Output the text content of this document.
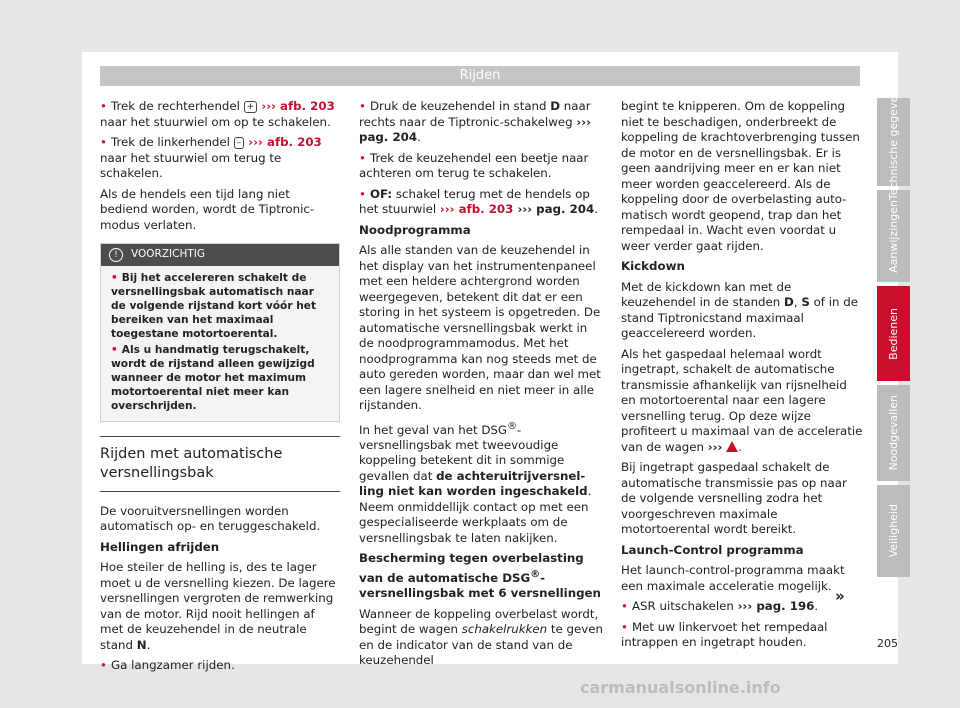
Rijden

• Trek de rechterhendel + ››› afb. 203 naar het stuurwiel om op te schakelen.

• Trek de linkerhendel – ››› afb. 203 naar het stuurwiel om terug te schakelen.

Als de hendels een tijd lang niet bediend worden, wordt de Tiptronic-modus verlaten.

!	VOORZICHTIG

• Bij het accelereren schakelt de versnellingsbak automatisch naar de volgende rijstand kort vóór het bereiken van het maximaal toegestane motortoerental.

• Als u handmatig terugschakelt, wordt de rijstand alleen gewijzigd wanneer de motor het maximum motortoerental niet meer kan overschrijden.

Rijden met automatische versnellingsbak

De vooruitversnellingen worden automatisch op- en teruggeschakeld.

Hellingen afrijden

Hoe steiler de helling is, des te lager moet u de versnelling kiezen. De lagere versnellingen vergroten de remwerking van de motor. Rijd nooit hellingen af met de keuzehendel in de neutrale stand N.

• Ga langzamer rijden.

• Druk de keuzehendel in stand D naar rechts naar de Tiptronic-schakelweg ››› pag. 204.

• Trek de keuzehendel een beetje naar achteren om terug te schakelen.

• OF: schakel terug met de hendels op het stuurwiel ››› afb. 203 ››› pag. 204.

Noodprogramma

Als alle standen van de keuzehendel in het display van het instrumentenpaneel met een heldere achtergrond worden weergegeven, betekent dit dat er een storing in het systeem is opgetreden. De automatische versnellingsbak werkt in de noodprogrammamodus. Met het noodprogramma kan nog steeds met de auto gereden worden, maar dan wel met een lagere snelheid en niet meer in alle rijstanden.

In het geval van het DSG®-versnellingsbak met tweevoudige koppeling betekent dit in sommige gevallen dat de achteruitrijversnelling niet kan worden ingeschakeld. Neem onmiddellijk contact op met een gespecialiseerde werkplaats om de versnellingsbak te laten nakijken.

Bescherming tegen overbelasting van de automatische DSG®-versnellingsbak met 6 versnellingen

Wanneer de koppeling overbelast wordt, begint de wagen schakelrukken te geven en de indicator van de stand van de keuzehendel

begint te knipperen. Om de koppeling niet te beschadigen, onderbreekt de koppeling de krachtoverbrenging tussen de motor en de versnellingsbak. Er is geen aandrijving meer en er kan niet meer worden geaccelereerd. Als de koppeling door de overbelasting automatisch wordt geopend, trap dan het rempedaal in. Wacht even voordat u weer verder gaat rijden.

Kickdown

Met de kickdown kan met de keuzehendel in de standen D, S of in de stand Tiptronicstand maximaal geaccelereerd worden.

Als het gaspedaal helemaal wordt ingetrapt, schakelt de automatische transmissie afhankelijk van rijsnelheid en motortoerental naar een lagere versnelling terug. Op deze wijze profiteert u maximaal van de acceleratie van de wagen ››› .

Bij ingetrapt gaspedaal schakelt de automatische transmissie pas op naar de volgende versnelling zodra het voorgeschreven maximale motortoerental wordt bereikt.

Launch-Control programma

Het launch-control-programma maakt een maximale acceleratie mogelijk.

• ASR uitschakelen ››› pag. 196.

• Met uw linkervoet het rempedaal intrappen en ingetrapt houden.

»
Technische gegevens
Aanwijzingen
Bedienen
Noodgevallen
Veiligheid
205
carmanualsonline.info
